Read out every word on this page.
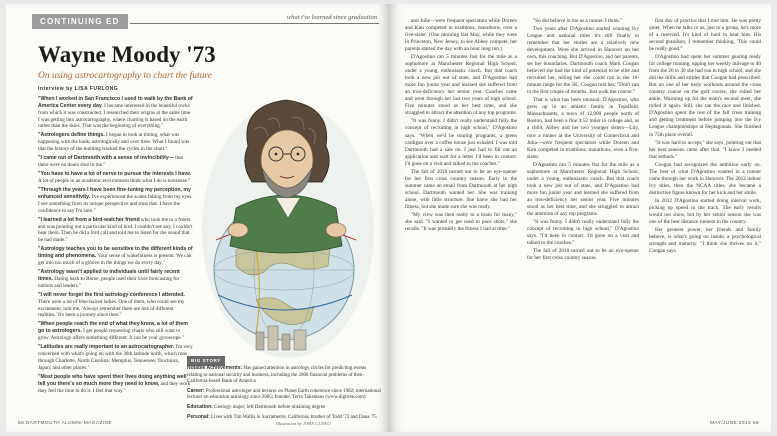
CONTINUING ED	what i've learned since graduation
Wayne Moody '73
On using astrocartography to chart the future
Interview by LISA FURLONG

"When I worked in San Francisco I used to walk by the Bank of America Center every day. I became interested in the beautiful rocks from which it was constructed. I researched their origins at the same time I was getting into astrocartography, where charting is based on the earth rather than the skies. That was the beginning of everything."

"Astrologers define things. I began to look at timing, what was happening with the bank, astrologically and over time. What I found was that the history of the building tracked the cycles in the chart."

"I came out of Dartmouth with a sense of invincibility— that there were no doors shut to me."

"You have to have a lot of nerve to pursue the interests I have. A lot of people in an academic environment think what I do is nonsense."

"Through the years I have been fine-tuning my perception, my enhanced sensitivity. I've experienced the scales falling from my eyes. I see something from its unique perspective and trust that. I have the confidence to say I'm sure."

"I learned a lot from a bird-watcher friend who took me to a forest and was pointing out a particular kind of bird. I couldn't see any. I couldn't hear them. Then he did a bird call and told me to listen for the sound that he had made."

"Astrology teaches you to be sensitive to the different kinds of timing and phenomena. Your sense of wakefulness is present. We can get into too much of a groove in the things we do every day."

"Astrology wasn't applied to individuals until fairly recent times. Dating back to Rome, people used their lives forecasting for nations and leaders."

"I will never forget the first astrology conference I attended. There were a lot of blue-haired ladies. One of them, who could see my excitement, told me, 'Always remember there are lots of different realities.' It's been a journey since then."

"When people reach the end of what they know, a lot of them go to astrologers. I get people requesting charts who still want to grow. Astrology offers something different. It can be your gyroscope."

"Latitudes are really important to an astrocartographer. I'm very concerned with what's going on with the 36th latitude north, which runs through Charlotte, North Carolina; Memphis, Tennessee; Tsuchiura, Japan; and other places."

"Most people who have spent their lives doing anything well tell you there's so much more they need to know, and they work they feel the time to do it. I feel that way."

BIG STORY

Notable Achievements: Has gained attention in astrology circles for predicting events relating to national security and business, including the 2008 financial problems of then-California-based Bank of America

Career: Professional astrologer and lecturer on Planet Earth coherence since 1982; international lecturer on education astrology since 2005; founder, Terra Talismans (www.digitree.com)

Education: Geology major; left Dartmouth before obtaining degree

Personal: Lives with Tim Wallis in Sacramento, California; brother of Todd '72 and Dana '75

58 DARTMOUTH ALUMNI MAGAZINE	Illustration by JOHN CUNEO

and Julie—were frequent spectators while Doreen and Kim competed in triathlons, marathons, over a five-sister. (One morning last May, while they were in Princeton, New Jersey, to see Abbey compete, her parents started the day with an hour long run.)

D'Agostino ran 5 minutes fast for the mile as a sophomore at Manchester Regional High School, under a young, enthusiastic coach. But that coach took a new job out of state, and D'Agostino had more fun junior year and learned she suffered from an iron-deficiency her senior year. Coaches came and went through her last two years of high school. Five minutes stood as her best time, and she struggled to attract the attention of any top programs.

"It was funny. I didn't really understand fully the concept of recruiting in high school," D'Agostino says. "When we'd be touring programs, a green cardigan over a coffee house just exhaled. I was told Dartmouth had a sale on. I just had to fill out an application and wait for a letter. I'd been in contact. I'd gone on a visit and talked to the coaches."

The fall of 2010 turned out to be an eye-opener for her first cross country season. Early in the summer came an email from Dartmouth at her high school. Dartmouth wanted her. She was training alone, with little structure. She knew she had her fitness, but she made sure she was ready.

"My view was then really to a brain for many," she said. "I wanted to get used to pace shots," she recalls. "It was probably the fitness I had at time."

"So did believe in me as a runner. I think."

Two years after D'Agostino started winning Ivy League and national titles it's still finally to remember that her stories are a relatively new development. Were she arrived in Hanover on her own, this coaching. But D'Agostino, and her parents, set her boundaries. Dartmouth coach Mark Coogan believed she had the kind of potential to be elite and recruited her, telling her she could run in the 16-minute range for the 5K. Coogan told her, "Don't run in the first couple of months. Just walk the course."

That is what has been unusual: D'Agostino, who grew up in an athletic family in Topsfield, Massachusetts, a town of 12,000 people north of Boston, had been a fine 4:52 miler in college and, as a child, Abbey and her two younger sisters—Lily, now a runner at the University of Connecticut and Julia—were frequent spectators while Doreen and Kim competed in triathlons, marathons, even a five-sister.

D'Agostino ran 5 minutes flat for the mile as a sophomore at Manchester Regional High School, under a young, enthusiastic coach. But that coach took a new job out of state, and D'Agostino had more fun junior year and learned she suffered from an iron-deficiency her senior year. Five minutes stood as her best time, and she struggled to attract the attention of any top programs.

"It was funny. I didn't really understand fully the concept of recruiting in high school," D'Agostino says. "I'd been in contact. I'd gone on a visit and talked to the coaches."

The fall of 2010 turned out to be an eye-opener for her first cross country season.

first day of practice that I met him. He was pretty quiet. When he talks to us, just to a group, he's more of a reserved. It's kind of hard to hear him. His second grandson, I remember thinking, 'This could be really good.'"

D'Agostino had spent her summer gearing ready for college running, upping her weekly mileage to 40 from the 20 to 30 she had run in high school, and she did the drills and strides that Coogan had prescribed. But on one of her early workouts around the cross country course on the golf course, she rolled her ankle. Warming up for the team's second meet, she rolled it again. Still, she ran the race and finished. D'Agostino spent the rest of the fall cross training and getting treatment before jumping into the Ivy League championships at Heptagonals. She finished in 75th place overall.

"It was hard to accept," she says, pointing out that her best seasons came after that. "I know I needed that setback."

Coogan had recognized the ambition early on. The best of what D'Agostino wanted in a runner came through her work in Hanover. The 2012 indoor Ivy titles, then the NCAA titles, she became a distinctive figure known for her kick and her smile.

In 2012 D'Agostino started doing interval work, picking up speed in the track. The early results would not show, but by her senior season she was one of the best distance runners in the country.

Her greatest power, her friends and family believe, is what's going on inside, a psychological strength and maturity. "I think she thrives on it," Coogan says.

MAY/JUNE 2013 59
